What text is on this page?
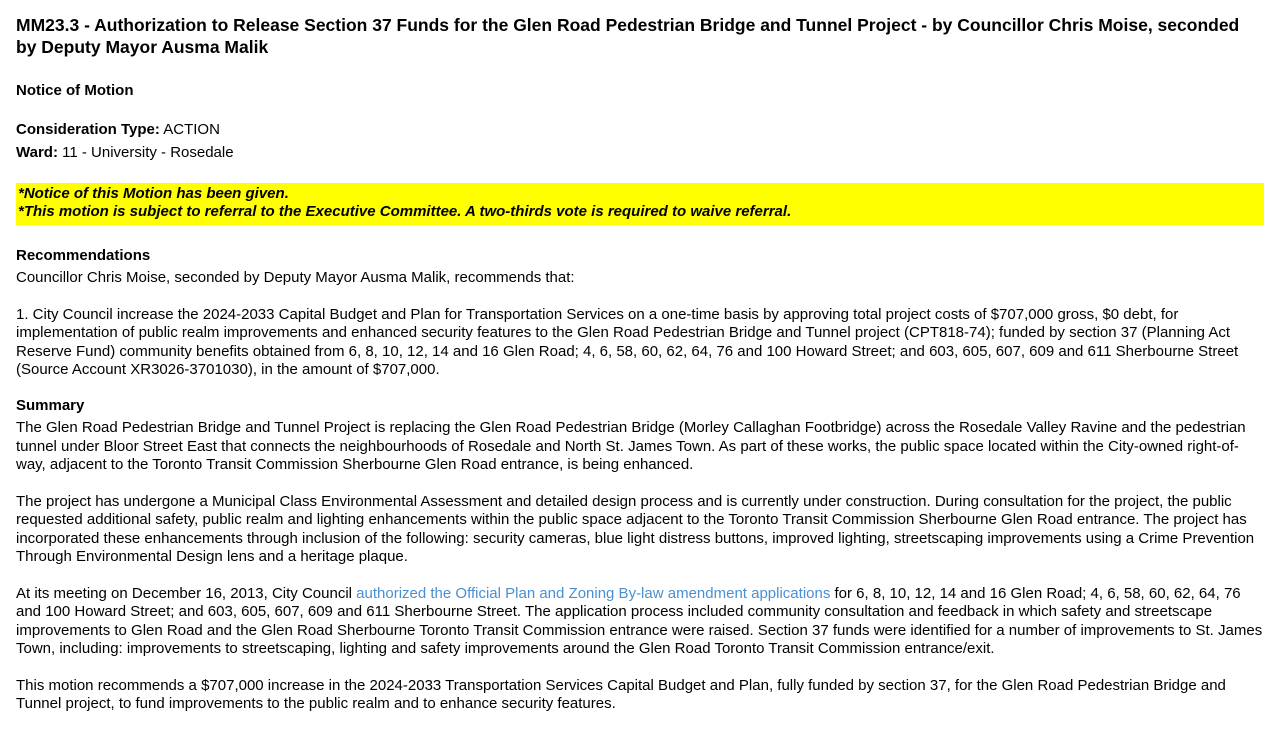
MM23.3 - Authorization to Release Section 37 Funds for the Glen Road Pedestrian Bridge and Tunnel Project - by Councillor Chris Moise, seconded by Deputy Mayor Ausma Malik
Notice of Motion
Consideration Type: ACTION
Ward: 11 - University - Rosedale
*Notice of this Motion has been given.
*This motion is subject to referral to the Executive Committee. A two-thirds vote is required to waive referral.
Recommendations

Councillor Chris Moise, seconded by Deputy Mayor Ausma Malik, recommends that:

1. City Council increase the 2024-2033 Capital Budget and Plan for Transportation Services on a one-time basis by approving total project costs of $707,000 gross, $0 debt, for implementation of public realm improvements and enhanced security features to the Glen Road Pedestrian Bridge and Tunnel project (CPT818-74); funded by section 37 (Planning Act Reserve Fund) community benefits obtained from 6, 8, 10, 12, 14 and 16 Glen Road; 4, 6, 58, 60, 62, 64, 76 and 100 Howard Street; and 603, 605, 607, 609 and 611 Sherbourne Street (Source Account XR3026-3701030), in the amount of $707,000.

Summary

The Glen Road Pedestrian Bridge and Tunnel Project is replacing the Glen Road Pedestrian Bridge (Morley Callaghan Footbridge) across the Rosedale Valley Ravine and the pedestrian tunnel under Bloor Street East that connects the neighbourhoods of Rosedale and North St. James Town. As part of these works, the public space located within the City-owned right-of-way, adjacent to the Toronto Transit Commission Sherbourne Glen Road entrance, is being enhanced.

The project has undergone a Municipal Class Environmental Assessment and detailed design process and is currently under construction. During consultation for the project, the public requested additional safety, public realm and lighting enhancements within the public space adjacent to the Toronto Transit Commission Sherbourne Glen Road entrance. The project has incorporated these enhancements through inclusion of the following: security cameras, blue light distress buttons, improved lighting, streetscaping improvements using a Crime Prevention Through Environmental Design lens and a heritage plaque.

At its meeting on December 16, 2013, City Council authorized the Official Plan and Zoning By-law amendment applications for 6, 8, 10, 12, 14 and 16 Glen Road; 4, 6, 58, 60, 62, 64, 76 and 100 Howard Street; and 603, 605, 607, 609 and 611 Sherbourne Street. The application process included community consultation and feedback in which safety and streetscape improvements to Glen Road and the Glen Road Sherbourne Toronto Transit Commission entrance were raised. Section 37 funds were identified for a number of improvements to St. James Town, including: improvements to streetscaping, lighting and safety improvements around the Glen Road Toronto Transit Commission entrance/exit.

This motion recommends a $707,000 increase in the 2024-2033 Transportation Services Capital Budget and Plan, fully funded by section 37, for the Glen Road Pedestrian Bridge and Tunnel project, to fund improvements to the public realm and to enhance security features.
